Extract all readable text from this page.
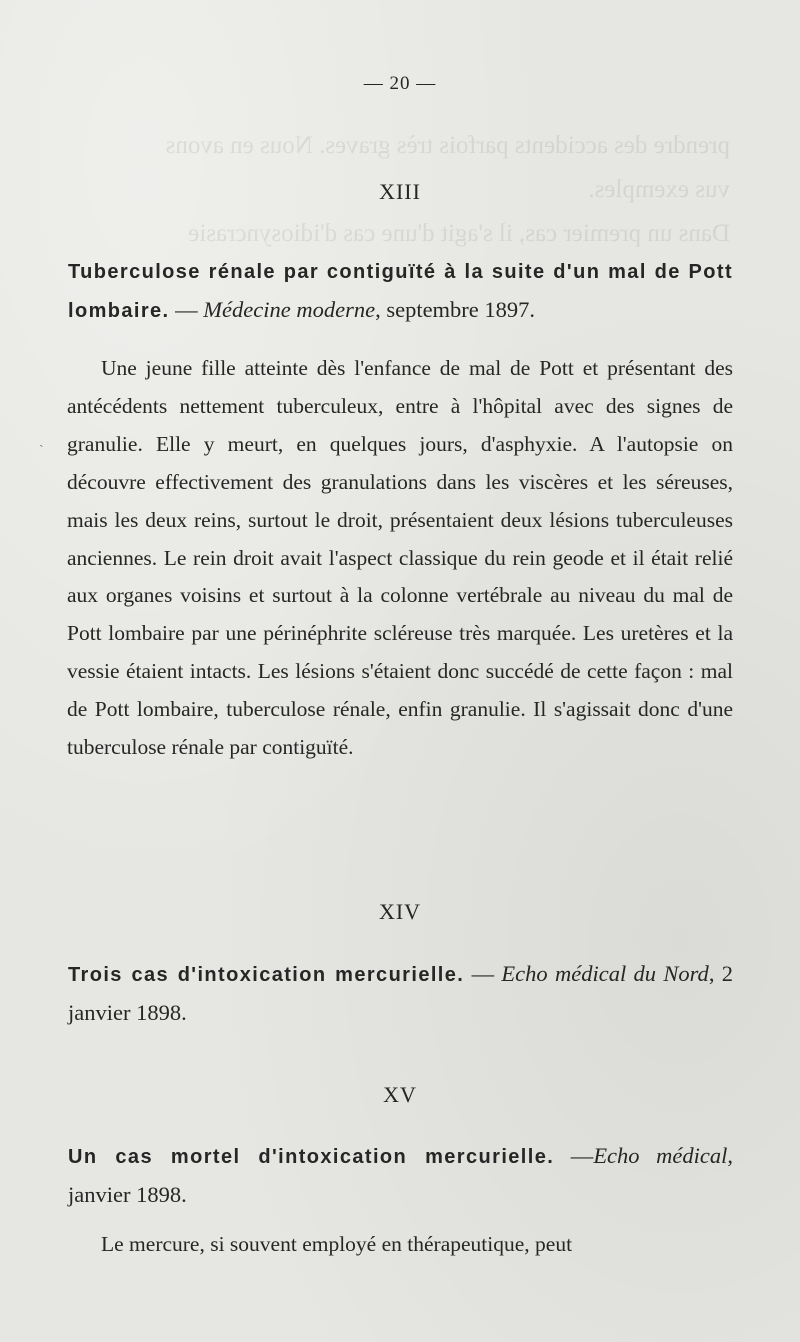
prendre des accidents parfois très graves. Nous en avons
vus exemples.
Dans un premier cas, il s'agit d'une cas d'idiosyncrasie
— 20 —
XIII
Tuberculose rénale par contiguïté à la suite d'un mal de Pott lombaire. — Médecine moderne, septembre 1897.

Une jeune fille atteinte dès l'enfance de mal de Pott et présentant des antécédents nettement tuberculeux, entre à l'hôpital avec des signes de granulie. Elle y meurt, en quelques jours, d'asphyxie. A l'autopsie on découvre effectivement des granulations dans les viscères et les séreuses, mais les deux reins, surtout le droit, présentaient deux lésions tuberculeuses anciennes. Le rein droit avait l'aspect classique du rein geode et il était relié aux organes voisins et surtout à la colonne vertébrale au niveau du mal de Pott lombaire par une périnéphrite scléreuse très marquée. Les uretères et la vessie étaient intacts. Les lésions s'étaient donc succédé de cette façon : mal de Pott lombaire, tuberculose rénale, enfin granulie. Il s'agissait donc d'une tuberculose rénale par contiguïté.

XIV
Trois cas d'intoxication mercurielle. — Echo médical du Nord, 2 janvier 1898.
XV
Un cas mortel d'intoxication mercurielle. —Echo médical, janvier 1898.

Le mercure, si souvent employé en thérapeutique, peut

ˏ
